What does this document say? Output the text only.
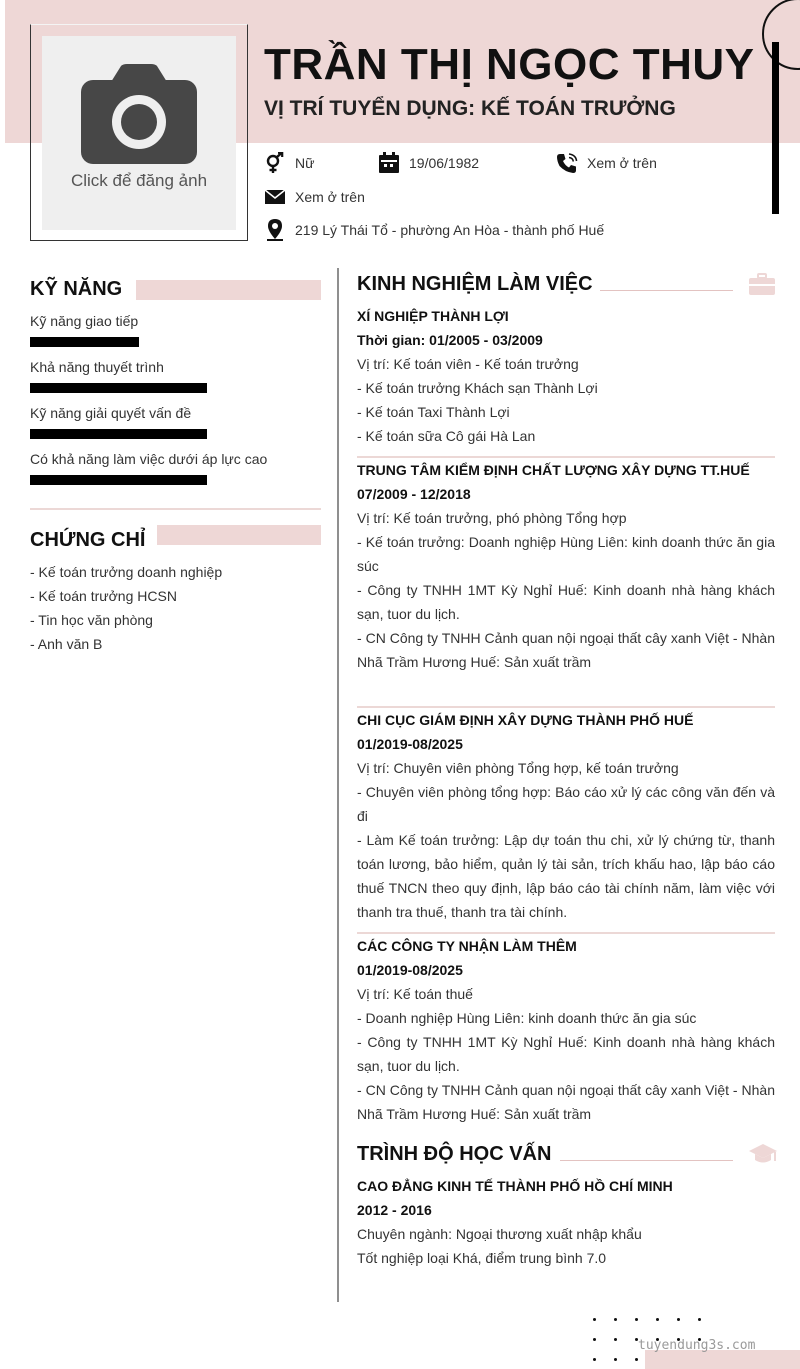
Click để đăng ảnh
TRẦN THỊ NGỌC THUY
VỊ TRÍ TUYỂN DỤNG: KẾ TOÁN TRƯỞNG
Nữ	19/06/1982	Xem ở trên
Xem ở trên
219 Lý Thái Tổ - phường An Hòa - thành phố Huế
KỸ NĂNG
Kỹ năng giao tiếp
Khả năng thuyết trình
Kỹ năng giải quyết vấn đề
Có khả năng làm việc dưới áp lực cao
CHỨNG CHỈ
- Kế toán trưởng doanh nghiệp
- Kế toán trưởng HCSN
- Tin học văn phòng
- Anh văn B
KINH NGHIỆM LÀM VIỆC
XÍ NGHIỆP THÀNH LỢI
Thời gian: 01/2005 - 03/2009
Vị trí: Kế toán viên - Kế toán trưởng
- Kế toán trưởng Khách sạn Thành Lợi
- Kế toán Taxi Thành Lợi
- Kế toán sữa Cô gái Hà Lan
TRUNG TÂM KIỂM ĐỊNH CHẤT LƯỢNG XÂY DỰNG TT.HUẾ
07/2009 - 12/2018
Vị trí: Kế toán trưởng, phó phòng Tổng hợp
- Kế toán trưởng: Doanh nghiệp Hùng Liên: kinh doanh thức ăn gia súc
- Công ty TNHH 1MT Kỳ Nghỉ Huế: Kinh doanh nhà hàng khách sạn, tuor du lịch.
- CN Công ty TNHH Cảnh quan nội ngoại thất cây xanh Việt - Nhàn Nhã Trầm Hương Huế: Sản xuất trầm
CHI CỤC GIÁM ĐỊNH XÂY DỰNG THÀNH PHỐ HUẾ
01/2019-08/2025
Vị trí: Chuyên viên phòng Tổng hợp, kế toán trưởng
- Chuyên viên phòng tổng hợp: Báo cáo xử lý các công văn đến và đi
- Làm Kế toán trưởng: Lập dự toán thu chi, xử lý chứng từ, thanh toán lương, bảo hiểm, quản lý tài sản, trích khấu hao, lập báo cáo thuế TNCN theo quy định, lập báo cáo tài chính năm, làm việc với thanh tra thuế, thanh tra tài chính.
CÁC CÔNG TY NHẬN LÀM THÊM
01/2019-08/2025
Vị trí: Kế toán thuế
- Doanh nghiệp Hùng Liên: kinh doanh thức ăn gia súc
- Công ty TNHH 1MT Kỳ Nghỉ Huế: Kinh doanh nhà hàng khách sạn, tuor du lịch.
- CN Công ty TNHH Cảnh quan nội ngoại thất cây xanh Việt - Nhàn Nhã Trầm Hương Huế: Sản xuất trầm
TRÌNH ĐỘ HỌC VẤN
CAO ĐẲNG KINH TẾ THÀNH PHỐ HỒ CHÍ MINH
2012 - 2016
Chuyên ngành: Ngoại thương xuất nhập khẩu
Tốt nghiệp loại Khá, điểm trung bình 7.0
tuyendung3s.com
